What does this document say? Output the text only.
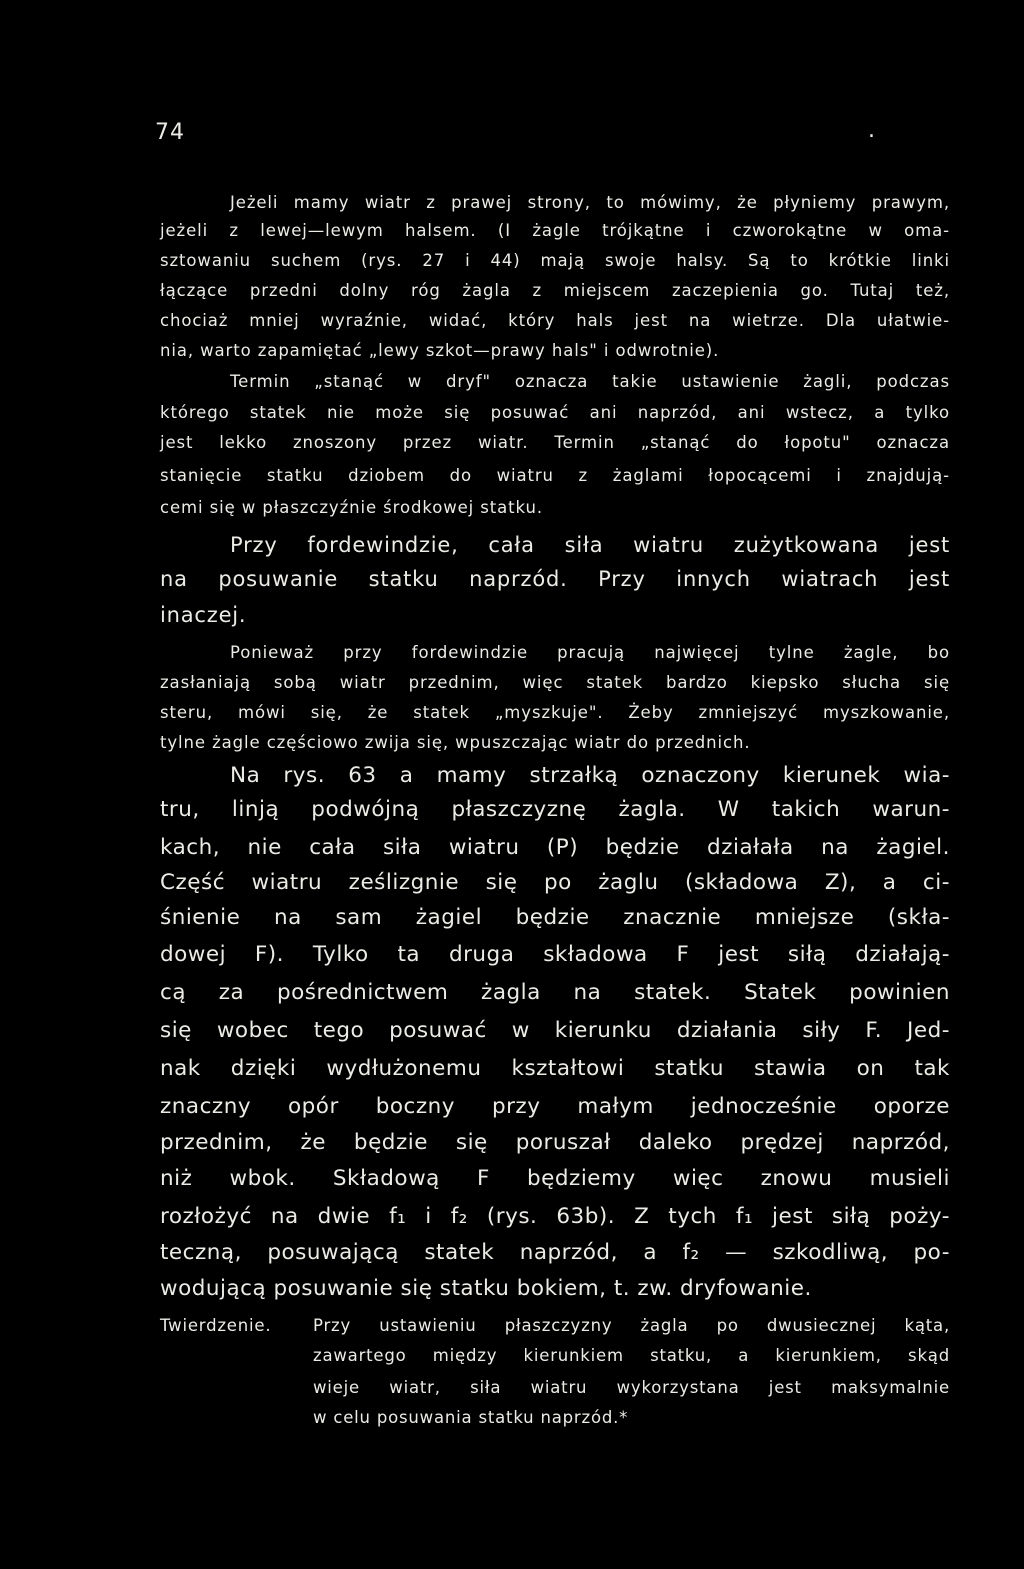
74	.
Jeżeli mamy wiatr z prawej strony, to mówimy, że płyniemy prawym,
jeżeli z lewej—lewym halsem. (I żagle trójkątne i czworokątne w oma-
sztowaniu suchem (rys. 27 i 44) mają swoje halsy. Są to krótkie linki
łączące przedni dolny róg żagla z miejscem zaczepienia go. Tutaj też,
chociaż mniej wyraźnie, widać, który hals jest na wietrze. Dla ułatwie-
nia, warto zapamiętać „lewy szkot—prawy hals" i odwrotnie).
Termin „stanąć w dryf" oznacza takie ustawienie żagli, podczas
którego statek nie może się posuwać ani naprzód, ani wstecz, a tylko
jest lekko znoszony przez wiatr. Termin „stanąć do łopotu" oznacza
stanięcie statku dziobem do wiatru z żaglami łopocącemi i znajdują-
cemi się w płaszczyźnie środkowej statku.
Przy fordewindzie, cała siła wiatru zużytkowana jest
na posuwanie statku naprzód. Przy innych wiatrach jest
inaczej.
Ponieważ przy fordewindzie pracują najwięcej tylne żagle, bo
zasłaniają sobą wiatr przednim, więc statek bardzo kiepsko słucha się
steru, mówi się, że statek „myszkuje". Żeby zmniejszyć myszkowanie,
tylne żagle częściowo zwija się, wpuszczając wiatr do przednich.
Na rys. 63 a mamy strzałką oznaczony kierunek wia-
tru, linją podwójną płaszczyznę żagla. W takich warun-
kach, nie cała siła wiatru (P) będzie działała na żagiel.
Część wiatru ześlizgnie się po żaglu (składowa Z), a ci-
śnienie na sam żagiel będzie znacznie mniejsze (skła-
dowej F). Tylko ta druga składowa F jest siłą działają-
cą za pośrednictwem żagla na statek. Statek powinien
się wobec tego posuwać w kierunku działania siły F. Jed-
nak dzięki wydłużonemu kształtowi statku stawia on tak
znaczny opór boczny przy małym jednocześnie oporze
przednim, że będzie się poruszał daleko prędzej naprzód,
niż wbok. Składową F będziemy więc znowu musieli
rozłożyć na dwie f₁ i f₂ (rys. 63b). Z tych f₁ jest siłą poży-
teczną, posuwającą statek naprzód, a f₂ — szkodliwą, po-
wodującą posuwanie się statku bokiem, t. zw. dryfowanie.
Twierdzenie.	Przy ustawieniu płaszczyzny żagla po dwusiecznej kąta,
zawartego między kierunkiem statku, a kierunkiem, skąd
wieje wiatr, siła wiatru wykorzystana jest maksymalnie
w celu posuwania statku naprzód.*
